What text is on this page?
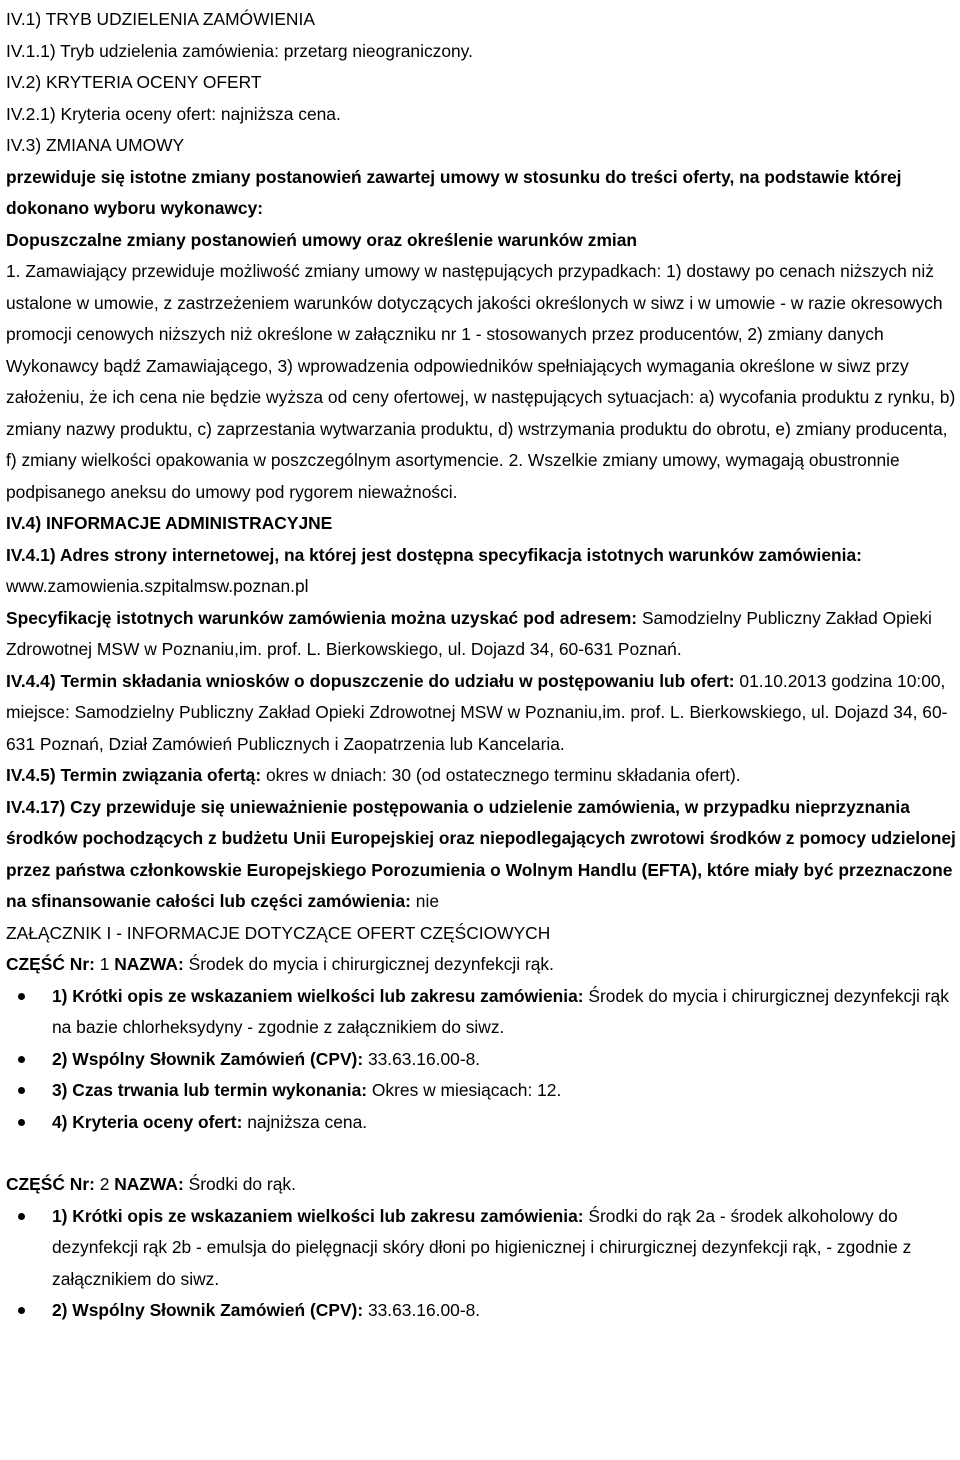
IV.1) TRYB UDZIELENIA ZAMÓWIENIA

IV.1.1) Tryb udzielenia zamówienia: przetarg nieograniczony.

IV.2) KRYTERIA OCENY OFERT

IV.2.1) Kryteria oceny ofert: najniższa cena.

IV.3) ZMIANA UMOWY

przewiduje się istotne zmiany postanowień zawartej umowy w stosunku do treści oferty, na podstawie której dokonano wyboru wykonawcy:

Dopuszczalne zmiany postanowień umowy oraz określenie warunków zmian

1. Zamawiający przewiduje możliwość zmiany umowy w następujących przypadkach: 1) dostawy po cenach niższych niż ustalone w umowie, z zastrzeżeniem warunków dotyczących jakości określonych w siwz i w umowie - w razie okresowych promocji cenowych niższych niż określone w załączniku nr 1 - stosowanych przez producentów, 2) zmiany danych Wykonawcy bądź Zamawiającego, 3) wprowadzenia odpowiedników spełniających wymagania określone w siwz przy założeniu, że ich cena nie będzie wyższa od ceny ofertowej, w następujących sytuacjach: a) wycofania produktu z rynku, b) zmiany nazwy produktu, c) zaprzestania wytwarzania produktu, d) wstrzymania produktu do obrotu, e) zmiany producenta, f) zmiany wielkości opakowania w poszczególnym asortymencie. 2. Wszelkie zmiany umowy, wymagają obustronnie podpisanego aneksu do umowy pod rygorem nieważności.

IV.4) INFORMACJE ADMINISTRACYJNE

IV.4.1) Adres strony internetowej, na której jest dostępna specyfikacja istotnych warunków zamówienia: www.zamowienia.szpitalmsw.poznan.pl

Specyfikację istotnych warunków zamówienia można uzyskać pod adresem: Samodzielny Publiczny Zakład Opieki Zdrowotnej MSW w Poznaniu,im. prof. L. Bierkowskiego, ul. Dojazd 34, 60-631 Poznań.

IV.4.4) Termin składania wniosków o dopuszczenie do udziału w postępowaniu lub ofert: 01.10.2013 godzina 10:00, miejsce: Samodzielny Publiczny Zakład Opieki Zdrowotnej MSW w Poznaniu,im. prof. L. Bierkowskiego, ul. Dojazd 34, 60-631 Poznań, Dział Zamówień Publicznych i Zaopatrzenia lub Kancelaria.

IV.4.5) Termin związania ofertą: okres w dniach: 30 (od ostatecznego terminu składania ofert).

IV.4.17) Czy przewiduje się unieważnienie postępowania o udzielenie zamówienia, w przypadku nieprzyznania środków pochodzących z budżetu Unii Europejskiej oraz niepodlegających zwrotowi środków z pomocy udzielonej przez państwa członkowskie Europejskiego Porozumienia o Wolnym Handlu (EFTA), które miały być przeznaczone na sfinansowanie całości lub części zamówienia: nie

ZAŁĄCZNIK I - INFORMACJE DOTYCZĄCE OFERT CZĘŚCIOWYCH

CZĘŚĆ Nr: 1 NAZWA: Środek do mycia i chirurgicznej dezynfekcji rąk.

1) Krótki opis ze wskazaniem wielkości lub zakresu zamówienia: Środek do mycia i chirurgicznej dezynfekcji rąk na bazie chlorheksydyny - zgodnie z załącznikiem do siwz.
2) Wspólny Słownik Zamówień (CPV): 33.63.16.00-8.
3) Czas trwania lub termin wykonania: Okres w miesiącach: 12.
4) Kryteria oceny ofert: najniższa cena.

CZĘŚĆ Nr: 2 NAZWA: Środki do rąk.

1) Krótki opis ze wskazaniem wielkości lub zakresu zamówienia: Środki do rąk 2a - środek alkoholowy do dezynfekcji rąk 2b - emulsja do pielęgnacji skóry dłoni po higienicznej i chirurgicznej dezynfekcji rąk, - zgodnie z załącznikiem do siwz.
2) Wspólny Słownik Zamówień (CPV): 33.63.16.00-8.
